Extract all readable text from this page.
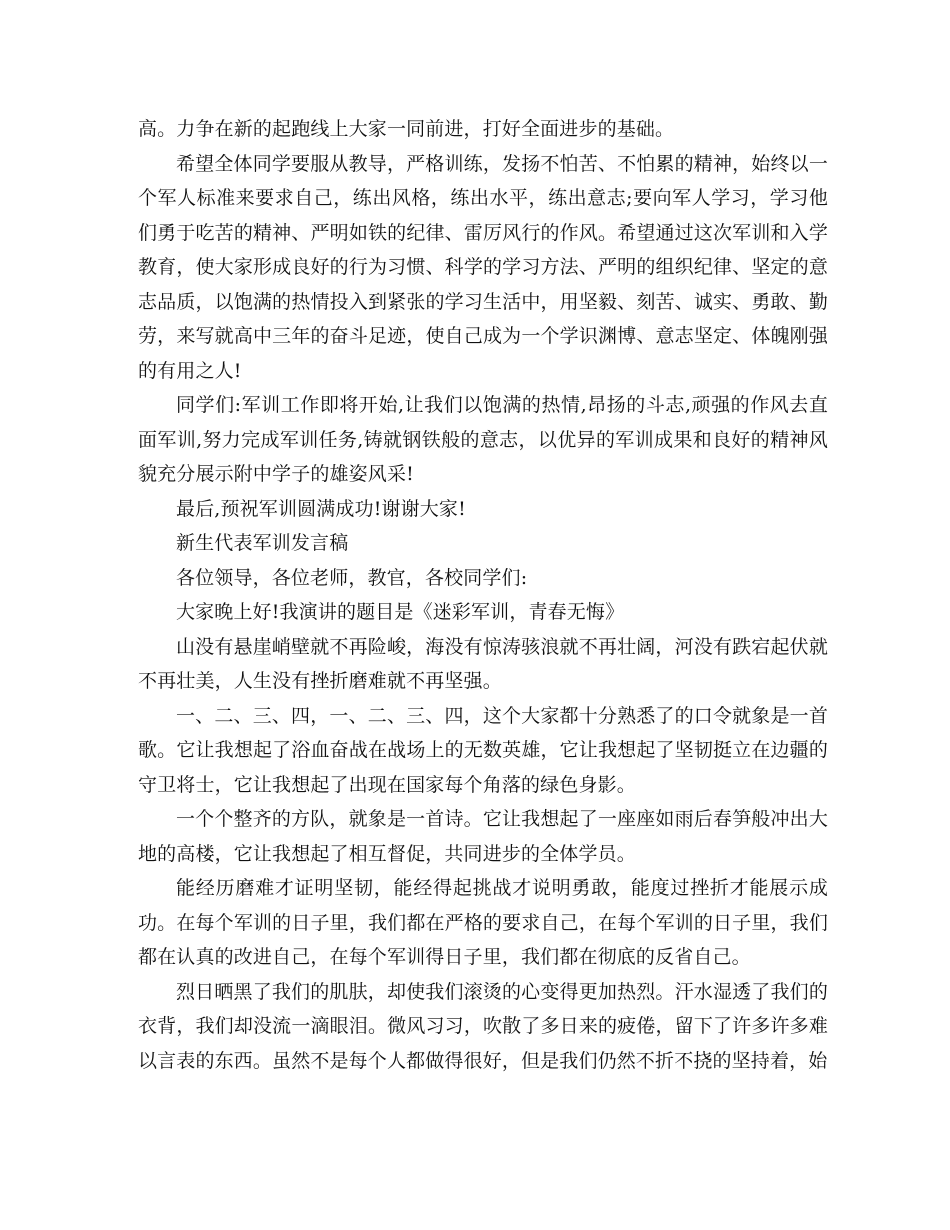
高。力争在新的起跑线上大家一同前进，打好全面进步的基础。

希望全体同学要服从教导，严格训练，发扬不怕苦、不怕累的精神，始终以一个军人标准来要求自己，练出风格，练出水平，练出意志;要向军人学习，学习他们勇于吃苦的精神、严明如铁的纪律、雷厉风行的作风。希望通过这次军训和入学教育，使大家形成良好的行为习惯、科学的学习方法、严明的组织纪律、坚定的意志品质，以饱满的热情投入到紧张的学习生活中，用坚毅、刻苦、诚实、勇敢、勤劳，来写就高中三年的奋斗足迹，使自己成为一个学识渊博、意志坚定、体魄刚强的有用之人!

同学们:军训工作即将开始,让我们以饱满的热情,昂扬的斗志,顽强的作风去直面军训,努力完成军训任务,铸就钢铁般的意志，以优异的军训成果和良好的精神风貌充分展示附中学子的雄姿风采!

最后,预祝军训圆满成功!谢谢大家!

新生代表军训发言稿

各位领导，各位老师，教官，各校同学们:

大家晚上好!我演讲的题目是《迷彩军训，青春无悔》

山没有悬崖峭壁就不再险峻，海没有惊涛骇浪就不再壮阔，河没有跌宕起伏就不再壮美，人生没有挫折磨难就不再坚强。

一、二、三、四，一、二、三、四，这个大家都十分熟悉了的口令就象是一首歌。它让我想起了浴血奋战在战场上的无数英雄，它让我想起了坚韧挺立在边疆的守卫将士，它让我想起了出现在国家每个角落的绿色身影。

一个个整齐的方队，就象是一首诗。它让我想起了一座座如雨后春笋般冲出大地的高楼，它让我想起了相互督促，共同进步的全体学员。

能经历磨难才证明坚韧，能经得起挑战才说明勇敢，能度过挫折才能展示成功。在每个军训的日子里，我们都在严格的要求自己，在每个军训的日子里，我们都在认真的改进自己，在每个军训得日子里，我们都在彻底的反省自己。

烈日晒黑了我们的肌肤，却使我们滚烫的心变得更加热烈。汗水湿透了我们的衣背，我们却没流一滴眼泪。微风习习，吹散了多日来的疲倦，留下了许多许多难以言表的东西。虽然不是每个人都做得很好，但是我们仍然不折不挠的坚持着，始
